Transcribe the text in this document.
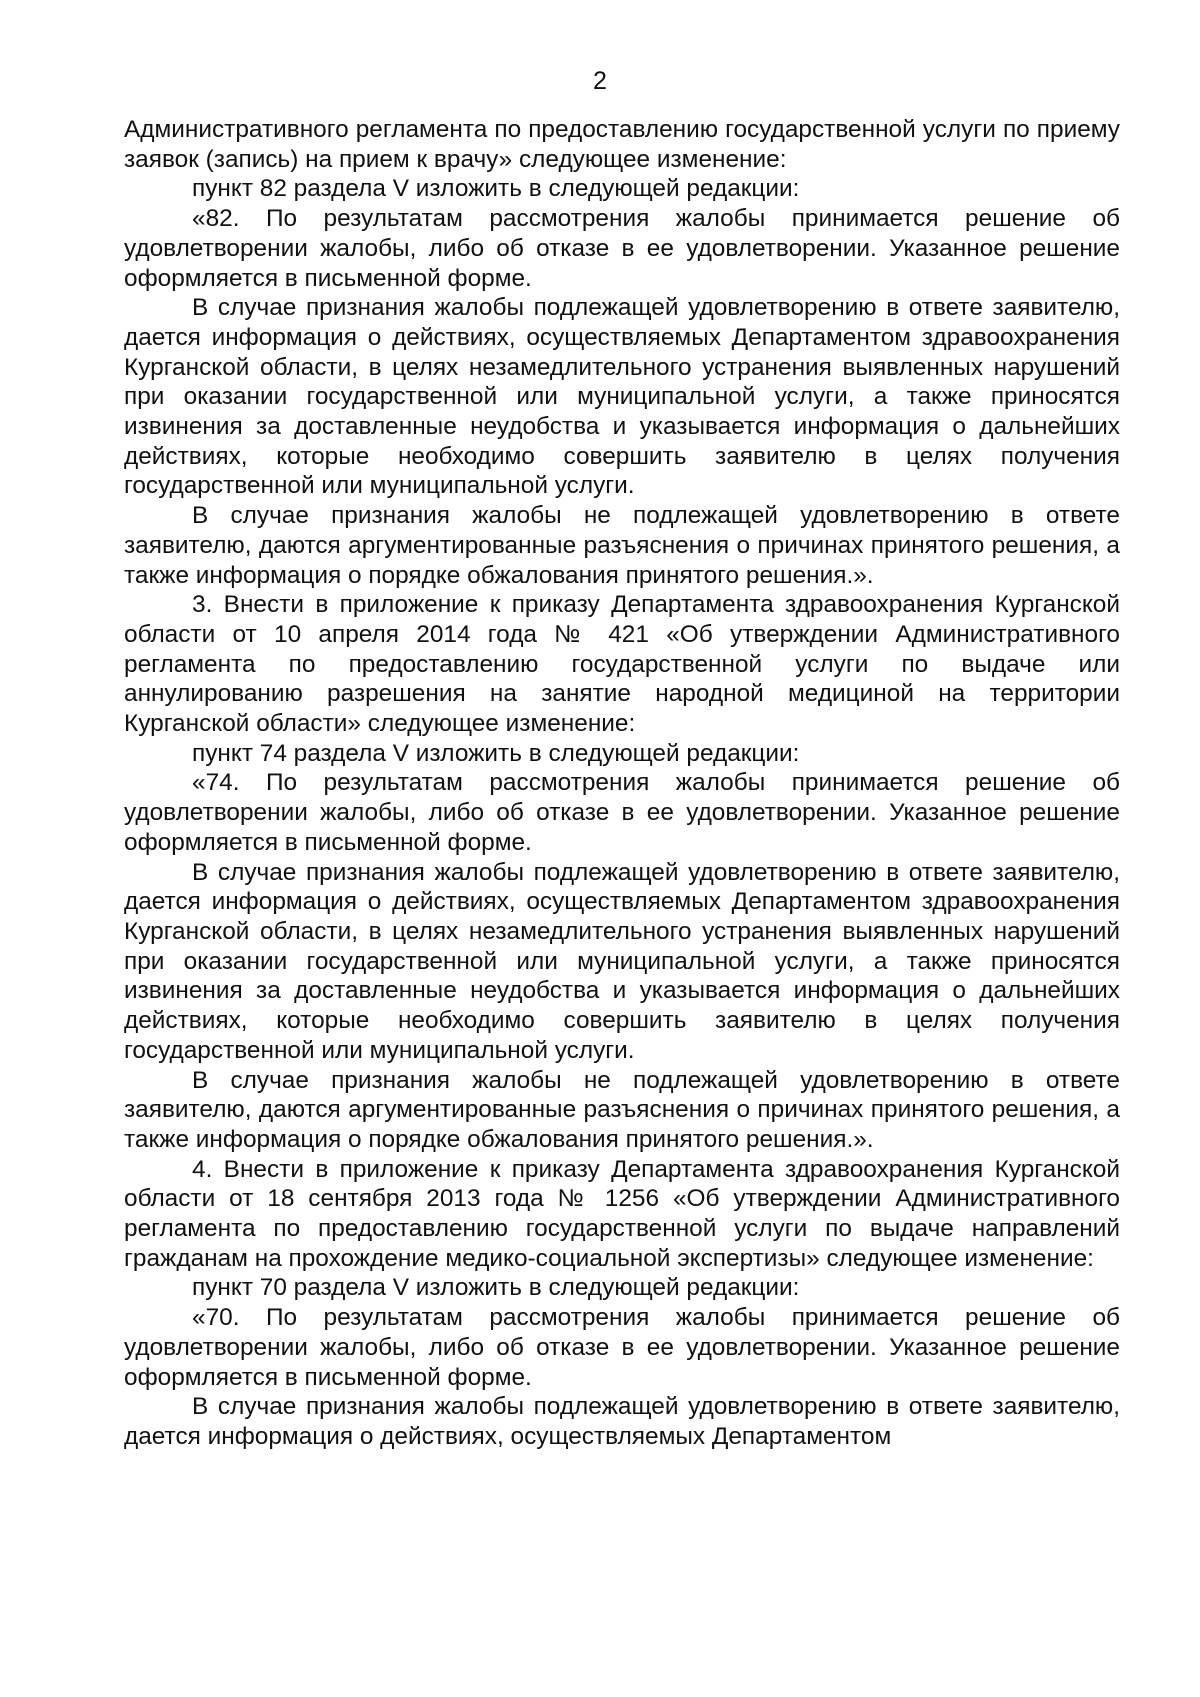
2

Административного регламента по предоставлению государственной услуги по приему заявок (запись) на прием к врачу» следующее изменение:

пункт 82 раздела V изложить в следующей редакции:

«82. По результатам рассмотрения жалобы принимается решение об удовлетворении жалобы, либо об отказе в ее удовлетворении. Указанное решение оформляется в письменной форме.

В случае признания жалобы подлежащей удовлетворению в ответе заявителю, дается информация о действиях, осуществляемых Департаментом здравоохранения Курганской области, в целях незамедлительного устранения выявленных нарушений при оказании государственной или муниципальной услуги, а также приносятся извинения за доставленные неудобства и указывается информация о дальнейших действиях, которые необходимо совершить заявителю в целях получения государственной или муниципальной услуги.

В случае признания жалобы не подлежащей удовлетворению в ответе заявителю, даются аргументированные разъяснения о причинах принятого решения, а также информация о порядке обжалования принятого решения.».

3. Внести в приложение к приказу Департамента здравоохранения Курганской области от 10 апреля 2014 года № 421 «Об утверждении Административного регламента по предоставлению государственной услуги по выдаче или аннулированию разрешения на занятие народной медициной на территории Курганской области» следующее изменение:

пункт 74 раздела V изложить в следующей редакции:

«74. По результатам рассмотрения жалобы принимается решение об удовлетворении жалобы, либо об отказе в ее удовлетворении. Указанное решение оформляется в письменной форме.

В случае признания жалобы подлежащей удовлетворению в ответе заявителю, дается информация о действиях, осуществляемых Департаментом здравоохранения Курганской области, в целях незамедлительного устранения выявленных нарушений при оказании государственной или муниципальной услуги, а также приносятся извинения за доставленные неудобства и указывается информация о дальнейших действиях, которые необходимо совершить заявителю в целях получения государственной или муниципальной услуги.

В случае признания жалобы не подлежащей удовлетворению в ответе заявителю, даются аргументированные разъяснения о причинах принятого решения, а также информация о порядке обжалования принятого решения.».

4. Внести в приложение к приказу Департамента здравоохранения Курганской области от 18 сентября 2013 года № 1256 «Об утверждении Административного регламента по предоставлению государственной услуги по выдаче направлений гражданам на прохождение медико-социальной экспертизы» следующее изменение:

пункт 70 раздела V изложить в следующей редакции:

«70. По результатам рассмотрения жалобы принимается решение об удовлетворении жалобы, либо об отказе в ее удовлетворении. Указанное решение оформляется в письменной форме.

В случае признания жалобы подлежащей удовлетворению в ответе заявителю, дается информация о действиях, осуществляемых Департаментом
